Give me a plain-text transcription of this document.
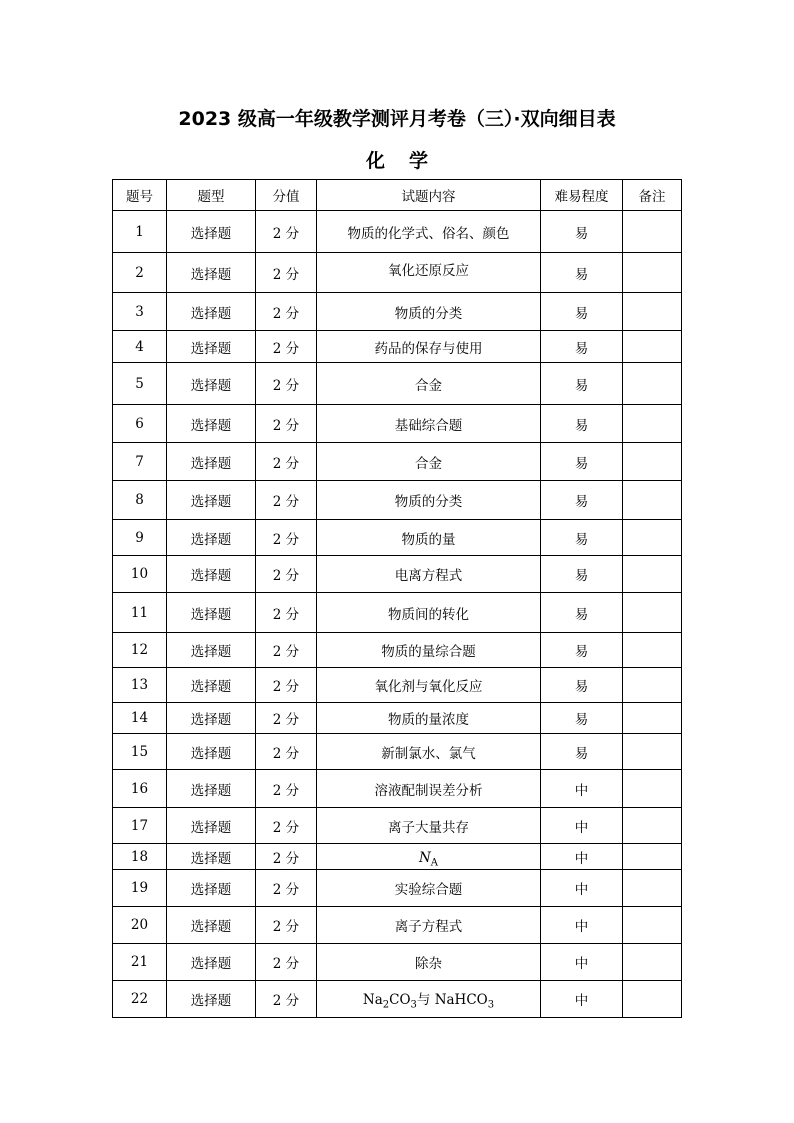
2023 级高一年级教学测评月考卷（三）·双向细目表
化学
题号	题型	分值	试题内容	难易程度	备注
1	选择题	2 分	物质的化学式、俗名、颜色	易	
2	选择题	2 分	氧化还原反应	易	
3	选择题	2 分	物质的分类	易	
4	选择题	2 分	药品的保存与使用	易	
5	选择题	2 分	合金	易	
6	选择题	2 分	基础综合题	易	
7	选择题	2 分	合金	易	
8	选择题	2 分	物质的分类	易	
9	选择题	2 分	物质的量	易	
10	选择题	2 分	电离方程式	易	
11	选择题	2 分	物质间的转化	易	
12	选择题	2 分	物质的量综合题	易	
13	选择题	2 分	氧化剂与氧化反应	易	
14	选择题	2 分	物质的量浓度	易	
15	选择题	2 分	新制氯水、氯气	易	
16	选择题	2 分	溶液配制误差分析	中	
17	选择题	2 分	离子大量共存	中	
18	选择题	2 分	$N_A$	中	
19	选择题	2 分	实验综合题	中	
20	选择题	2 分	离子方程式	中	
21	选择题	2 分	除杂	中	
22	选择题	2 分	$Na_2CO_3$与 NaHCO$_3$	中	
